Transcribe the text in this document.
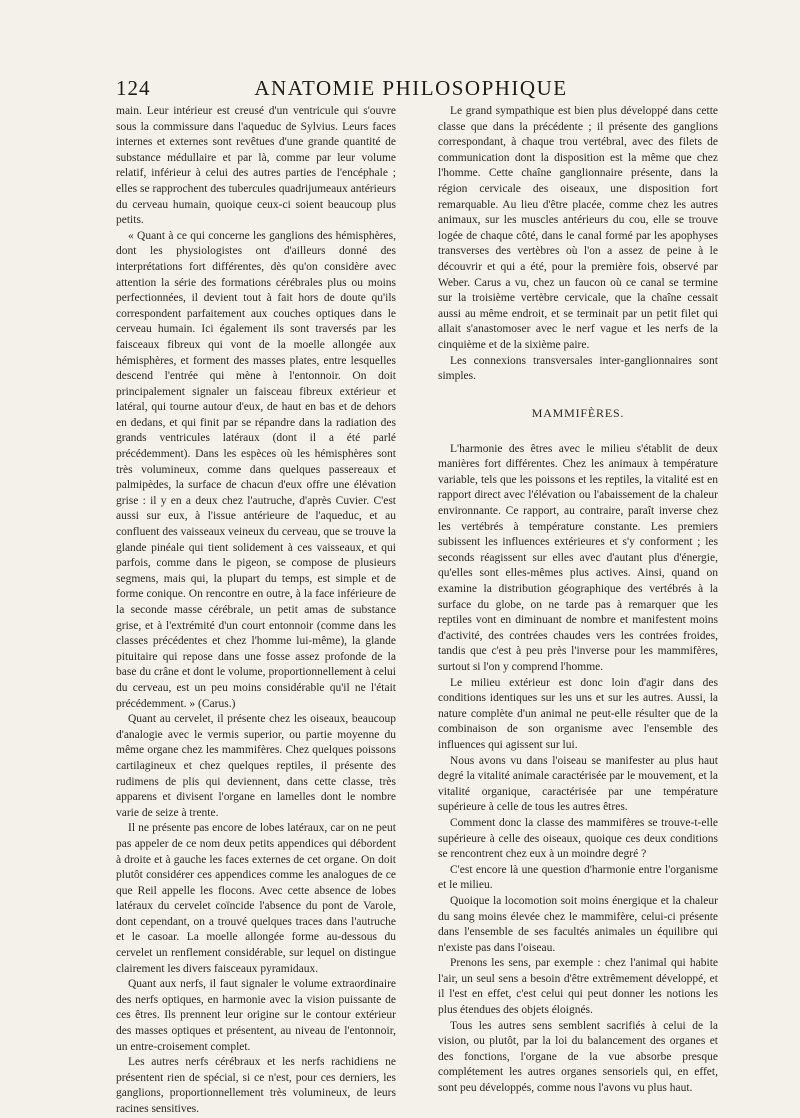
124	ANATOMIE PHILOSOPHIQUE

main. Leur intérieur est creusé d'un ventricule qui s'ouvre sous la commissure dans l'aqueduc de Sylvius. Leurs faces internes et externes sont revêtues d'une grande quantité de substance médullaire et par là, comme par leur volume relatif, inférieur à celui des autres parties de l'encéphale ; elles se rapprochent des tubercules quadrijumeaux antérieurs du cerveau humain, quoique ceux-ci soient beaucoup plus petits.

« Quant à ce qui concerne les ganglions des hémisphères, dont les physiologistes ont d'ailleurs donné des interprétations fort différentes, dès qu'on considère avec attention la série des formations cérébrales plus ou moins perfectionnées, il devient tout à fait hors de doute qu'ils correspondent parfaitement aux couches optiques dans le cerveau humain. Ici également ils sont traversés par les faisceaux fibreux qui vont de la moelle allongée aux hémisphères, et forment des masses plates, entre lesquelles descend l'entrée qui mène à l'entonnoir. On doit principalement signaler un faisceau fibreux extérieur et latéral, qui tourne autour d'eux, de haut en bas et de dehors en dedans, et qui finit par se répandre dans la radiation des grands ventricules latéraux (dont il a été parlé précédemment). Dans les espèces où les hémisphères sont très volumineux, comme dans quelques passereaux et palmipèdes, la surface de chacun d'eux offre une élévation grise : il y en a deux chez l'autruche, d'après Cuvier. C'est aussi sur eux, à l'issue antérieure de l'aqueduc, et au confluent des vaisseaux veineux du cerveau, que se trouve la glande pinéale qui tient solidement à ces vaisseaux, et qui parfois, comme dans le pigeon, se compose de plusieurs segmens, mais qui, la plupart du temps, est simple et de forme conique. On rencontre en outre, à la face inférieure de la seconde masse cérébrale, un petit amas de substance grise, et à l'extrémité d'un court entonnoir (comme dans les classes précédentes et chez l'homme lui-même), la glande pituitaire qui repose dans une fosse assez profonde de la base du crâne et dont le volume, proportionnellement à celui du cerveau, est un peu moins considérable qu'il ne l'était précédemment. » (Carus.)

Quant au cervelet, il présente chez les oiseaux, beaucoup d'analogie avec le vermis superior, ou partie moyenne du même organe chez les mammifères. Chez quelques poissons cartilagineux et chez quelques reptiles, il présente des rudimens de plis qui deviennent, dans cette classe, très apparens et divisent l'organe en lamelles dont le nombre varie de seize à trente.

Il ne présente pas encore de lobes latéraux, car on ne peut pas appeler de ce nom deux petits appendices qui débordent à droite et à gauche les faces externes de cet organe. On doit plutôt considérer ces appendices comme les analogues de ce que Reil appelle les flocons. Avec cette absence de lobes latéraux du cervelet coïncide l'absence du pont de Varole, dont cependant, on a trouvé quelques traces dans l'autruche et le casoar. La moelle allongée forme au-dessous du cervelet un renflement considérable, sur lequel on distingue clairement les divers faisceaux pyramidaux.

Quant aux nerfs, il faut signaler le volume extraordinaire des nerfs optiques, en harmonie avec la vision puissante de ces êtres. Ils prennent leur origine sur le contour extérieur des masses optiques et présentent, au niveau de l'entonnoir, un entre-croisement complet.

Les autres nerfs cérébraux et les nerfs rachidiens ne présentent rien de spécial, si ce n'est, pour ces derniers, les ganglions, proportionnellement très volumineux, de leurs racines sensitives.

Le grand sympathique est bien plus développé dans cette classe que dans la précédente ; il présente des ganglions correspondant, à chaque trou vertébral, avec des filets de communication dont la disposition est la même que chez l'homme. Cette chaîne ganglionnaire présente, dans la région cervicale des oiseaux, une disposition fort remarquable. Au lieu d'être placée, comme chez les autres animaux, sur les muscles antérieurs du cou, elle se trouve logée de chaque côté, dans le canal formé par les apophyses transverses des vertèbres où l'on a assez de peine à le découvrir et qui a été, pour la première fois, observé par Weber. Carus a vu, chez un faucon où ce canal se termine sur la troisième vertèbre cervicale, que la chaîne cessait aussi au même endroit, et se terminait par un petit filet qui allait s'anastomoser avec le nerf vague et les nerfs de la cinquième et de la sixième paire.

Les connexions transversales inter-ganglionnaires sont simples.

MAMMIFÈRES.

L'harmonie des êtres avec le milieu s'établit de deux manières fort différentes. Chez les animaux à température variable, tels que les poissons et les reptiles, la vitalité est en rapport direct avec l'élévation ou l'abaissement de la chaleur environnante. Ce rapport, au contraire, paraît inverse chez les vertébrés à température constante. Les premiers subissent les influences extérieures et s'y conforment ; les seconds réagissent sur elles avec d'autant plus d'énergie, qu'elles sont elles-mêmes plus actives. Ainsi, quand on examine la distribution géographique des vertébrés à la surface du globe, on ne tarde pas à remarquer que les reptiles vont en diminuant de nombre et manifestent moins d'activité, des contrées chaudes vers les contrées froides, tandis que c'est à peu près l'inverse pour les mammifères, surtout si l'on y comprend l'homme.

Le milieu extérieur est donc loin d'agir dans des conditions identiques sur les uns et sur les autres. Aussi, la nature complète d'un animal ne peut-elle résulter que de la combinaison de son organisme avec l'ensemble des influences qui agissent sur lui.

Nous avons vu dans l'oiseau se manifester au plus haut degré la vitalité animale caractérisée par le mouvement, et la vitalité organique, caractérisée par une température supérieure à celle de tous les autres êtres.

Comment donc la classe des mammifères se trouve-t-elle supérieure à celle des oiseaux, quoique ces deux conditions se rencontrent chez eux à un moindre degré ?

C'est encore là une question d'harmonie entre l'organisme et le milieu.

Quoique la locomotion soit moins énergique et la chaleur du sang moins élevée chez le mammifère, celui-ci présente dans l'ensemble de ses facultés animales un équilibre qui n'existe pas dans l'oiseau.

Prenons les sens, par exemple : chez l'animal qui habite l'air, un seul sens a besoin d'être extrêmement développé, et il l'est en effet, c'est celui qui peut donner les notions les plus étendues des objets éloignés.

Tous les autres sens semblent sacrifiés à celui de la vision, ou plutôt, par la loi du balancement des organes et des fonctions, l'organe de la vue absorbe presque complétement les autres organes sensoriels qui, en effet, sont peu développés, comme nous l'avons vu plus haut.
